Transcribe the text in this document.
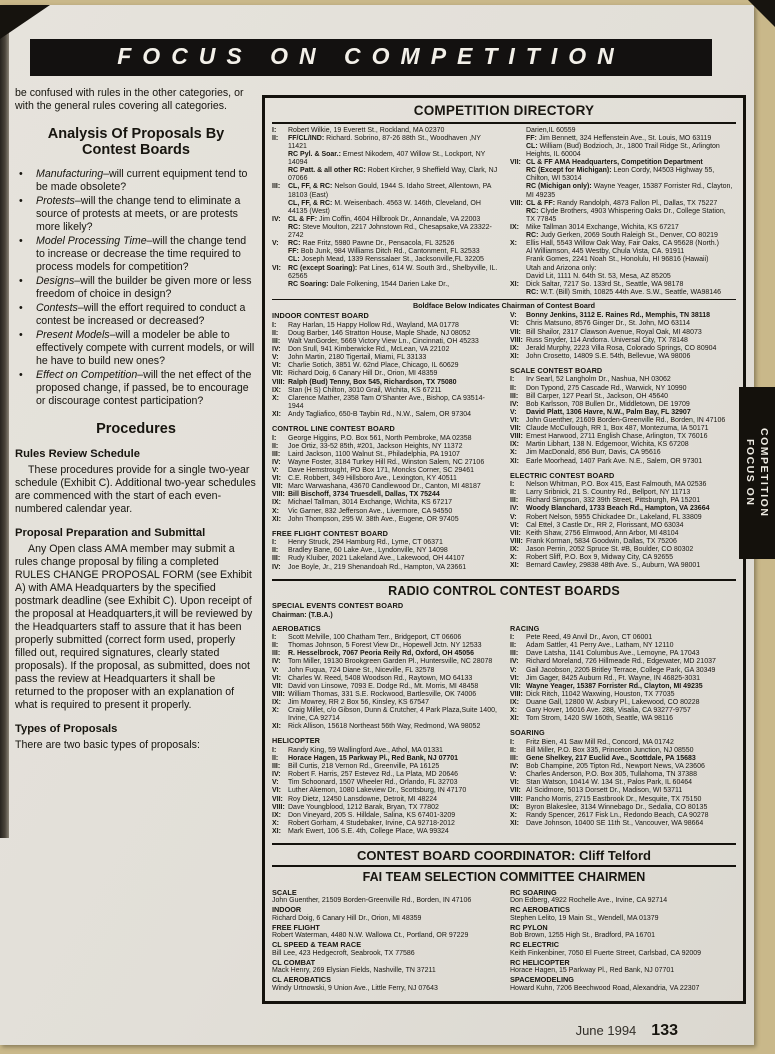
FOCUS ON COMPETITION

be confused with rules in the other categories, or with the general rules covering all categories.

Analysis Of Proposals By Contest Boards
• Manufacturing–will current equipment tend to be made obsolete?
• Protests–will the change tend to eliminate a source of protests at meets, or are protests more likely?
• Model Processing Time–will the change tend to increase or decrease the time required to process models for competition?
• Designs–will the builder be given more or less freedom of choice in design?
• Contests–will the effort required to conduct a contest be increased or decreased?
• Present Models–will a modeler be able to effectively compete with current models, or will he have to build new ones?
• Effect on Competition–will the net effect of the proposed change, if passed, be to encourage or discourage contest participation?
Procedures
Rules Review Schedule

These procedures provide for a single two-year schedule (Exhibit C). Additional two-year schedules are commenced with the start of each even-numbered calendar year.

Proposal Preparation and Submittal

Any Open class AMA member may submit a rules change proposal by filing a completed RULES CHANGE PROPOSAL FORM (see Exhibit A) with AMA Headquarters by the specified postmark deadline (see Exhibit C). Upon receipt of the proposal at Headquarters,it will be reviewed by the Headquarters staff to assure that it has been properly submitted (correct form used, properly filled out, required signatures, clearly stated proposals). If the proposal, as submitted, does not pass the review at Headquarters it shall be returned to the proposer with an explanation of what is required to present it properly.

Types of Proposals

There are two basic types of proposals:

COMPETITION DIRECTORY
I:	Robert Wilkie, 19 Everett St., Rockland, MA 02370
II:	FF/CL/IND: Richard. Sobrino, 87-26 88th St., Woodhaven ,NY 11421
RC Pyl. & Soar.: Ernest Nikodem, 407 Willow St., Lockport, NY 14094
RC Patt. & all other RC: Robert Kircher, 9 Sheffield Way, Clark, NJ 07066
III:	CL, FF, & RC: Nelson Gould, 1944 S. Idaho Street, Allentown, PA 18103 (East)
CL, FF, & RC: M. Weisenbach. 4563 W. 146th, Cleveland, OH 44135 (West)
IV:	CL & FF: Jim Coffin, 4604 Hillbrook Dr., Annandale, VA 22003
RC: Steve Moulton, 2217 Johnstown Rd., Chesapsake,VA 23322-2742
V:	RC: Rae Fritz, 5980 Pawne Dr., Pensacola, FL 32526
FF: Bob Junk, 984 Williams Ditch Rd., Cantonment, FL 32533
CL: Joseph Mead, 1339 Renssalaer St., Jacksonville,FL 32205
VI:	RC (except Soaring): Pat Lines, 614 W. South 3rd., Shelbyville, IL. 62565
RC Soaring: Dale Folkening, 1544 Darien Lake Dr.,
Darien,IL 60559
FF: Jim Bennett, 324 Heffenstein Ave., St. Louis, MO 63119
CL: William (Bud) Bodzioch, Jr., 1800 Trail Ridge St., Arlington Heights, IL 60004
VII: CL & FF AMA Headquarters, Competition Department
RC (Except for Michigan): Leon Cordy, N4503 Highway 55, Chilton, WI 53014
RC (Michigan only): Wayne Yeager, 15387 Forrister Rd., Clayton, MI 49235
VIII: CL & FF: Randy Randolph, 4873 Fallon Pl., Dallas, TX 75227
RC: Clyde Brothers, 4903 Whispering Oaks Dr., College Station, TX 77845
IX:	Mike Tallman 3014 Exchange, Wichita, KS 67217
RC: Judy Gerken, 2069 South Raleigh St., Denver, CO 80219
X:	Ellis Hall, 5543 Willow Oak Way, Fair Oaks, CA 95628 (North.)
Al Williamson, 445 Westby, Chula Vista, CA. 91911
Frank Gomes, 2241 Noah St., Honolulu, HI 96816 (Hawaii)
Utah and Arizona only:
David Lit, 1111 N. 64th St. 53, Mesa, AZ 85205
XI:	Dick Saltar, 7217 So. 133rd St., Seattle, WA 98178
RC: W.T. (Bill) Smith, 10825 44th Ave. S.W., Seattle, WA98146
Boldface Below Indicates Chairman of Contest Board
INDOOR CONTEST BOARD
I:	Ray Harlan, 15 Happy Hollow Rd., Wayland, MA 01778
II:	Doug Barber, 146 Stratton House, Maple Shade, NJ 08052
III:	Walt VanGorder, 5669 Victory View Ln., Cincinnati, OH 45233
IV:	Don Srull, 941 Kimberwicke Rd., McLean, VA 22102
V:	John Martin, 2180 Tigertail, Miami, FL 33133
VI:	Charlie Sotich, 3851 W. 62nd Place, Chicago, IL 60629
VII: Richard Doig, 6 Canary Hill Dr., Orion, MI 48359
VIII: Ralph (Bud) Tenny, Box 545, Richardson, TX 75080
IX:	Stan (H S) Chilton, 3010 Grail, Wichita, KS 67211
X:	Clarence Mather, 2358 Tam O'Shanter Ave., Bishop, CA 93514-1944
XI:	Andy Tagliafico, 650-B Taybin Rd., N.W., Salem, OR 97304
CONTROL LINE CONTEST BOARD
I:	George Higgins, P.O. Box 561, North Pembroke, MA 02358
II:	Joe Ortiz, 33-52 85th, #201, Jackson Heights, NY 11372
III:	Laird Jackson, 1100 Walnut St., Philadelphia, PA 19107
IV:	Wayne Foster, 3184 Turkey Hill Rd., Winston Salem, NC 27106
V:	Dave Hemstrought, PO Box 171, Moncks Corner, SC 29461
VI:	C.E. Robbert, 349 Hillsboro Ave., Lexington, KY 40511
VII: Marc Warwashana, 43670 Candlewood Dr., Canton, MI 48187
VIII: Bill Bischoff, 3734 Truesdell, Dallas, TX 75244
IX:	Michael Tallman, 3014 Exchange, Wichita, KS 67217
X:	Vic Garner, 832 Jefferson Ave., Livermore, CA 94550
XI:	John Thompson, 295 W. 38th Ave., Eugene, OR 97405
FREE FLIGHT CONTEST BOARD
I:	Henry Struck, 294 Hamburg Rd., Lyme, CT 06371
II:	Bradley Bane, 60 Lake Ave., Lyndonville, NY 14098
III:	Rudy Kluiber, 2021 Lakeland Ave., Lakewood, OH 44107
IV:	Joe Boyle, Jr., 219 Shenandoah Rd., Hampton, VA 23661
V:	Bonny Jenkins, 3112 E. Raines Rd., Memphis, TN 38118
VI:	Chris Matsuno, 8576 Ginger Dr., St. John, MO 63114
VII: Bill Shailor, 2317 Clawson Avenue, Royal Oak, MI 48073
VIII: Russ Snyder, 114 Andorra. Universal City, TX 78148
IX:	Jerald Murphy, 2223 Villa Rosa, Colorado Springs, CO 80904
XI:	John Crosetto, 14809 S.E. 54th, Bellevue, WA 98006
SCALE CONTEST BOARD
I:	Irv Searl, 52 Langholm Dr., Nashua, NH 03062
II:	Don Typond, 275 Cascade Rd., Warwick, NY 10990
III:	Bill Carper, 127 Pearl St., Jackson, OH 45640
IV:	Bob Karlsson, 708 Bullen Dr., Middletown, DE 19709
V:	David Platt, 1306 Havre, N.W., Palm Bay, FL 32907
VI:	John Guenther, 21609 Borden-Greenville Rd., Borden, IN 47106
VII: Claude McCullough, RR 1, Box 487, Montezuma, IA 50171
VIII: Ernest Harwood, 2711 English Chase, Arlington, TX 76016
IX:	Martin Libhart, 138 N. Edgemoor, Wichita, KS 67208
X:	Jim MacDonald, 856 Burr, Davis, CA 95616
XI:	Earle Moorhead, 1407 Park Ave. N.E., Salem, OR 97301
ELECTRIC CONTEST BOARD
I:	Nelson Whitman, P.O. Box 415, East Falmouth, MA 02536
II:	Larry Sribnick, 21 S. Country Rd., Bellport, NY 11713
III:	Richard Simpson, 332 39th Street, Pittsburgh, PA 15201
IV:	Woody Blanchard, 1733 Beach Rd., Hampton, VA 23664
V:	Robert Nelson, 5955 Chickadee Dr., Lakeland, FL 33809
VI:	Cal Ettel, 3 Castle Dr., RR 2, Florissant, MO 63034
VII: Keith Shaw, 2756 Elmwood, Ann Arbor, MI 48104
VIII: Frank Korman, 5834 Goodwin, Dallas, TX 75206
IX:	Jason Perrin, 2052 Spruce St. #B, Boulder, CO 80302
X:	Robert Sliff, P.O. Box 9, Midway City, CA 92655
XI:	Bernard Cawley, 29838 48th Ave. S., Auburn, WA 98001
RADIO CONTROL CONTEST BOARDS
SPECIAL EVENTS CONTEST BOARD
Chairman: (T.B.A.)
AEROBATICS
I:	Scott Melville, 100 Chatham Terr., Bridgeport, CT 06606
II:	Thomas Johnson, 5 Forest View Dr., Hopewell Jctn. NY 12533
III:	R. Hesselbrock, 7067 Peoria Reily Rd, Oxford, OH 45056
IV:	Tom Miller, 19130 Brookgreen Garden Pl., Huntersville, NC 28078
V:	John Fuqua, 724 Diane St., Niceville, FL 32578
VI:	Charles W. Reed, 5408 Woodson Rd., Raytown, MO 64133
VII: David von Linsowe, 7093 E. Dodge Rd., Mt. Morris, MI 48458
VIII: William Thomas, 331 S.E. Rockwood, Bartlesville, OK 74006
IX:	Jim Mowrey, RR 2 Box 56, Kinsley, KS 67547
X:	Craig Millet, c/o Gibson, Dunn & Crutcher, 4 Park Plaza,Suite 1400, Irvine, CA 92714
XI:	Rick Allison, 15618 Northeast 56th Way, Redmond, WA 98052
HELICOPTER
I:	Randy King, 59 Wallingford Ave., Athol, MA 01331
II:	Horace Hagen, 15 Parkway Pl., Red Bank, NJ 07701
III:	Bill Curtis, 218 Vernon Rd., Greenville, PA 16125
IV:	Robert F. Harris, 257 Estevez Rd., La Plata, MD 20646
V:	Tim Schoonard, 1507 Wheeler Rd., Orlando, FL 32703
VI:	Luther Akemon, 1080 Lakeview Dr., Scottsburg, IN 47170
VII: Roy Dietz, 12450 Lansdowne, Detroit, MI 48224
VIII: Dave Youngblood, 1212 Barak, Bryan, TX 77802
IX:	Don Vineyard, 205 S. Hilldale, Salina, KS 67401-3209
X:	Robert Gorham, 4 Studebaker, Irvine, CA 92718-2012
XI:	Mark Ewert, 106 S.E. 4th, College Place, WA 99324
RACING
I:	Pete Reed, 49 Anvil Dr., Avon, CT 06001
II:	Adam Sattler, 41 Perry Ave., Latham, NY 12110
III:	Dave Latsha, 1141 Columbus Ave., Lemoyne, PA 17043
IV:	Richard Moreland, 726 Hillmeade Rd., Edgewater, MD 21037
V:	Gail Jacobson, 2205 Britley Terrace, College Park, GA 30349
VI:	Jim Gager, 8425 Auburn Rd., Ft. Wayne, IN 46825-3031
VII: Wayne Yeager, 15387 Forrister Rd., Clayton, MI 49235
VIII: Dick Ritch, 11042 Waxwing, Houston, TX 77035
IX:	Duane Gall, 12800 W. Asbury Pl., Lakewood, CO 80228
X:	Gary Hover, 16016 Ave. 288, Visalia, CA 93277-9757
XI:	Tom Strom, 1420 SW 160th, Seattle, WA 98116
SOARING
I:	Fritz Bien, 41 Saw Mill Rd., Concord, MA 01742
II:	Bill Miller, P.O. Box 335, Princeton Junction, NJ 08550
III:	Gene Shelkey, 217 Euclid Ave., Scottdale, PA 15683
IV:	Bob Champine, 205 Tipton Rd., Newport News, VA 23606
V:	Charles Anderson, P.O. Box 305, Tullahoma, TN 37388
VI:	Stan Watson, 10414 W. 134 St., Palos Park, IL 60464
VII: Al Scidmore, 5013 Dorsett Dr., Madison, WI 53711
VIII: Pancho Morris, 2715 Eastbrook Dr., Mesquite, TX 75150
IX:	Byron Blakeslee, 3134 Winnebago Dr., Sedalia, CO 80135
X:	Randy Spencer, 2617 Fisk Ln., Redondo Beach, CA 90278
XI:	Dave Johnson, 10400 SE 11th St., Vancouver, WA 98664
CONTEST BOARD COORDINATOR: Cliff Telford
FAI TEAM SELECTION COMMITTEE CHAIRMEN
SCALE
John Guenther, 21509 Borden-Greenville Rd., Borden, IN 47106
INDOOR
Richard Doig, 6 Canary Hill Dr., Orion, MI 48359
FREE FLIGHT
Robert Waterman, 4480 N.W. Wallowa Ct., Portland, OR 97229
CL SPEED & TEAM RACE
Bill Lee, 423 Hedgecroft, Seabrook, TX 77586
CL COMBAT
Mack Henry, 269 Elysian Fields, Nashville, TN 37211
CL AEROBATICS
Windy Urtnowski, 9 Union Ave., Little Ferry, NJ 07643
RC SOARING
Don Edberg, 4922 Rochelle Ave., Irvine, CA 92714
RC AEROBATICS
Stephen Lelito, 19 Main St., Wendell, MA 01379
RC PYLON
Bob Brown, 1255 High St., Bradford, PA 16701
RC ELECTRIC
Keith Finkenbiner, 7050 El Fuerte Street, Carlsbad, CA 92009
RC HELICOPTER
Horace Hagen, 15 Parkway Pl., Red Bank, NJ 07701
SPACEMODELING
Howard Kuhn, 7206 Beechwood Road, Alexandria, VA 22307
June 1994 133
FOCUS ON COMPETITION
